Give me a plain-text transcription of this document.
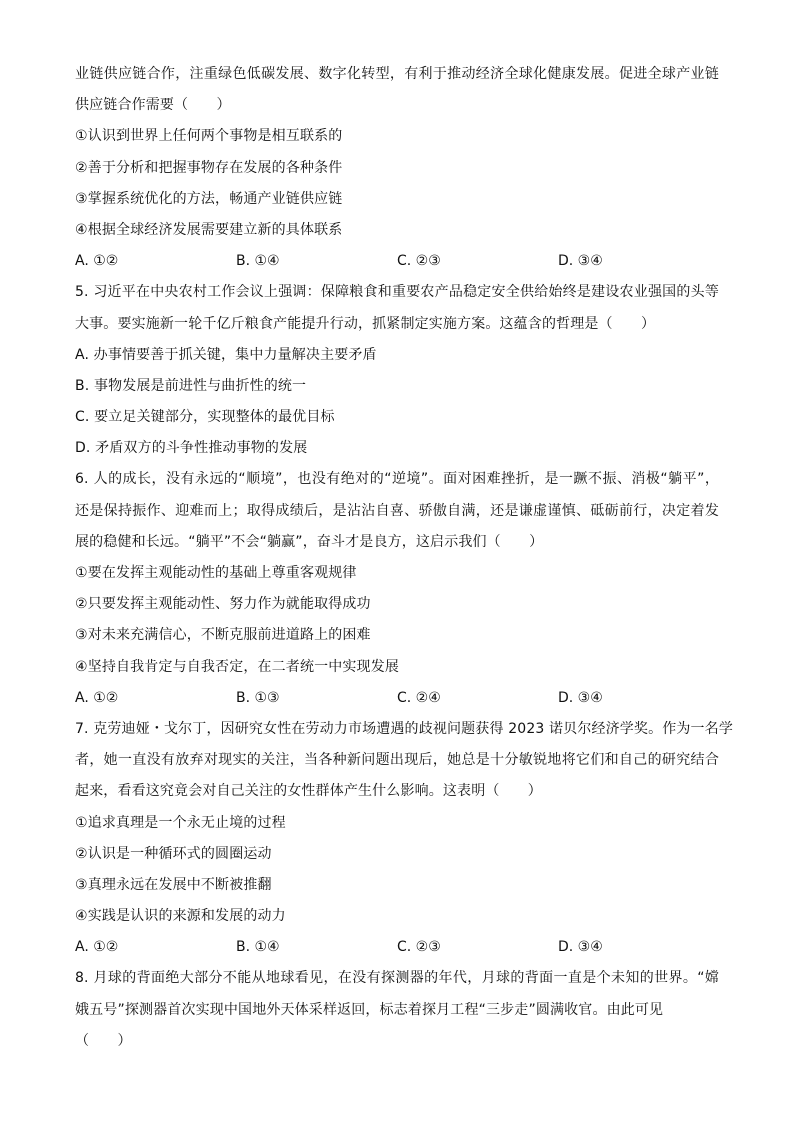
业链供应链合作，注重绿色低碳发展、数字化转型，有利于推动经济全球化健康发展。促进全球产业链
供应链合作需要（　　）
①认识到世界上任何两个事物是相互联系的
②善于分析和把握事物存在发展的各种条件
③掌握系统优化的方法，畅通产业链供应链
④根据全球经济发展需要建立新的具体联系
A. ①②	B. ①④	C. ②③	D. ③④
5. 习近平在中央农村工作会议上强调：保障粮食和重要农产品稳定安全供给始终是建设农业强国的头等
大事。要实施新一轮千亿斤粮食产能提升行动，抓紧制定实施方案。这蕴含的哲理是（　　）
A. 办事情要善于抓关键，集中力量解决主要矛盾
B. 事物发展是前进性与曲折性的统一
C. 要立足关键部分，实现整体的最优目标
D. 矛盾双方的斗争性推动事物的发展
6. 人的成长，没有永远的“顺境”，也没有绝对的“逆境”。面对困难挫折，是一蹶不振、消极“躺平”，
还是保持振作、迎难而上；取得成绩后，是沾沾自喜、骄傲自满，还是谦虚谨慎、砥砺前行，决定着发
展的稳健和长远。“躺平”不会“躺赢”，奋斗才是良方，这启示我们（　　）
①要在发挥主观能动性的基础上尊重客观规律
②只要发挥主观能动性、努力作为就能取得成功
③对未来充满信心，不断克服前进道路上的困难
④坚持自我肯定与自我否定，在二者统一中实现发展
A. ①②	B. ①③	C. ②④	D. ③④
7. 克劳迪娅・戈尔丁，因研究女性在劳动力市场遭遇的歧视问题获得 2023 诺贝尔经济学奖。作为一名学
者，她一直没有放弃对现实的关注，当各种新问题出现后，她总是十分敏锐地将它们和自己的研究结合
起来，看看这究竟会对自己关注的女性群体产生什么影响。这表明（　　）
①追求真理是一个永无止境的过程
②认识是一种循环式的圆圈运动
③真理永远在发展中不断被推翻
④实践是认识的来源和发展的动力
A. ①②	B. ①④	C. ②③	D. ③④
8. 月球的背面绝大部分不能从地球看见，在没有探测器的年代，月球的背面一直是个未知的世界。“嫦
娥五号”探测器首次实现中国地外天体采样返回，标志着探月工程“三步走”圆满收官。由此可见
（　　）
